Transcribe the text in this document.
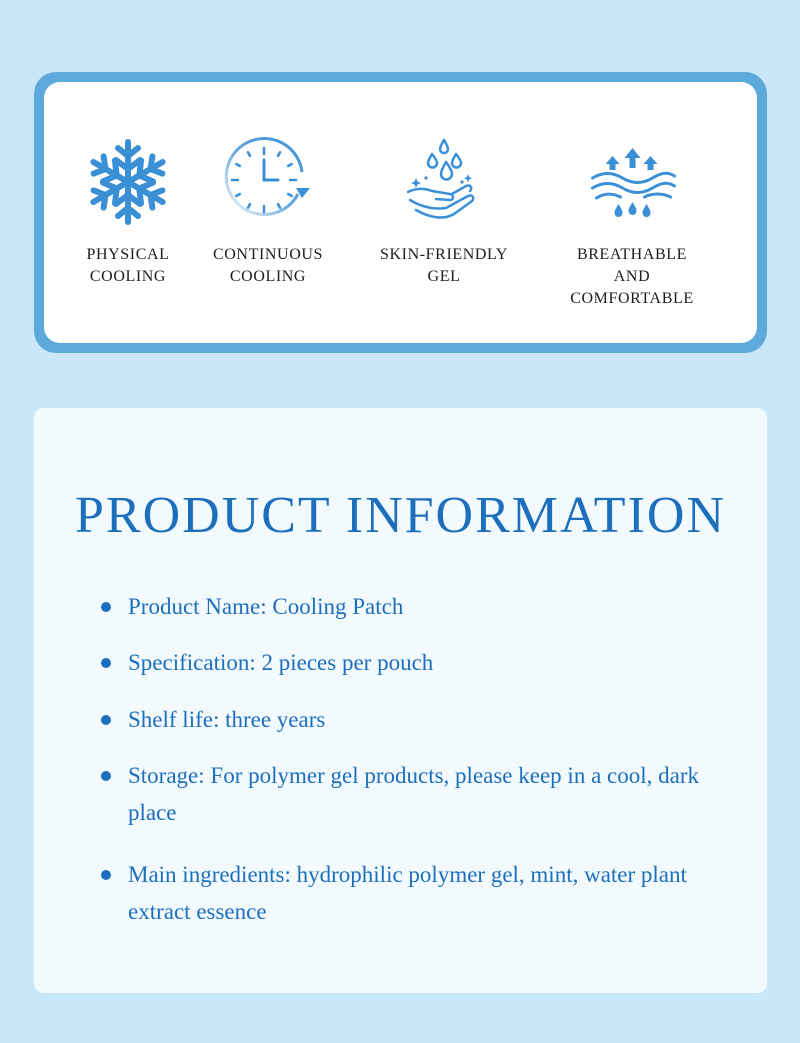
PHYSICAL
COOLING
CONTINUOUS
COOLING
SKIN-FRIENDLY
GEL
BREATHABLE
AND COMFORTABLE
PRODUCT INFORMATION
Product Name: Cooling Patch
Specification: 2 pieces per pouch
Shelf life: three years
Storage: For polymer gel products, please keep in a cool, dark place
Main ingredients: hydrophilic polymer gel, mint, water plant extract essence
